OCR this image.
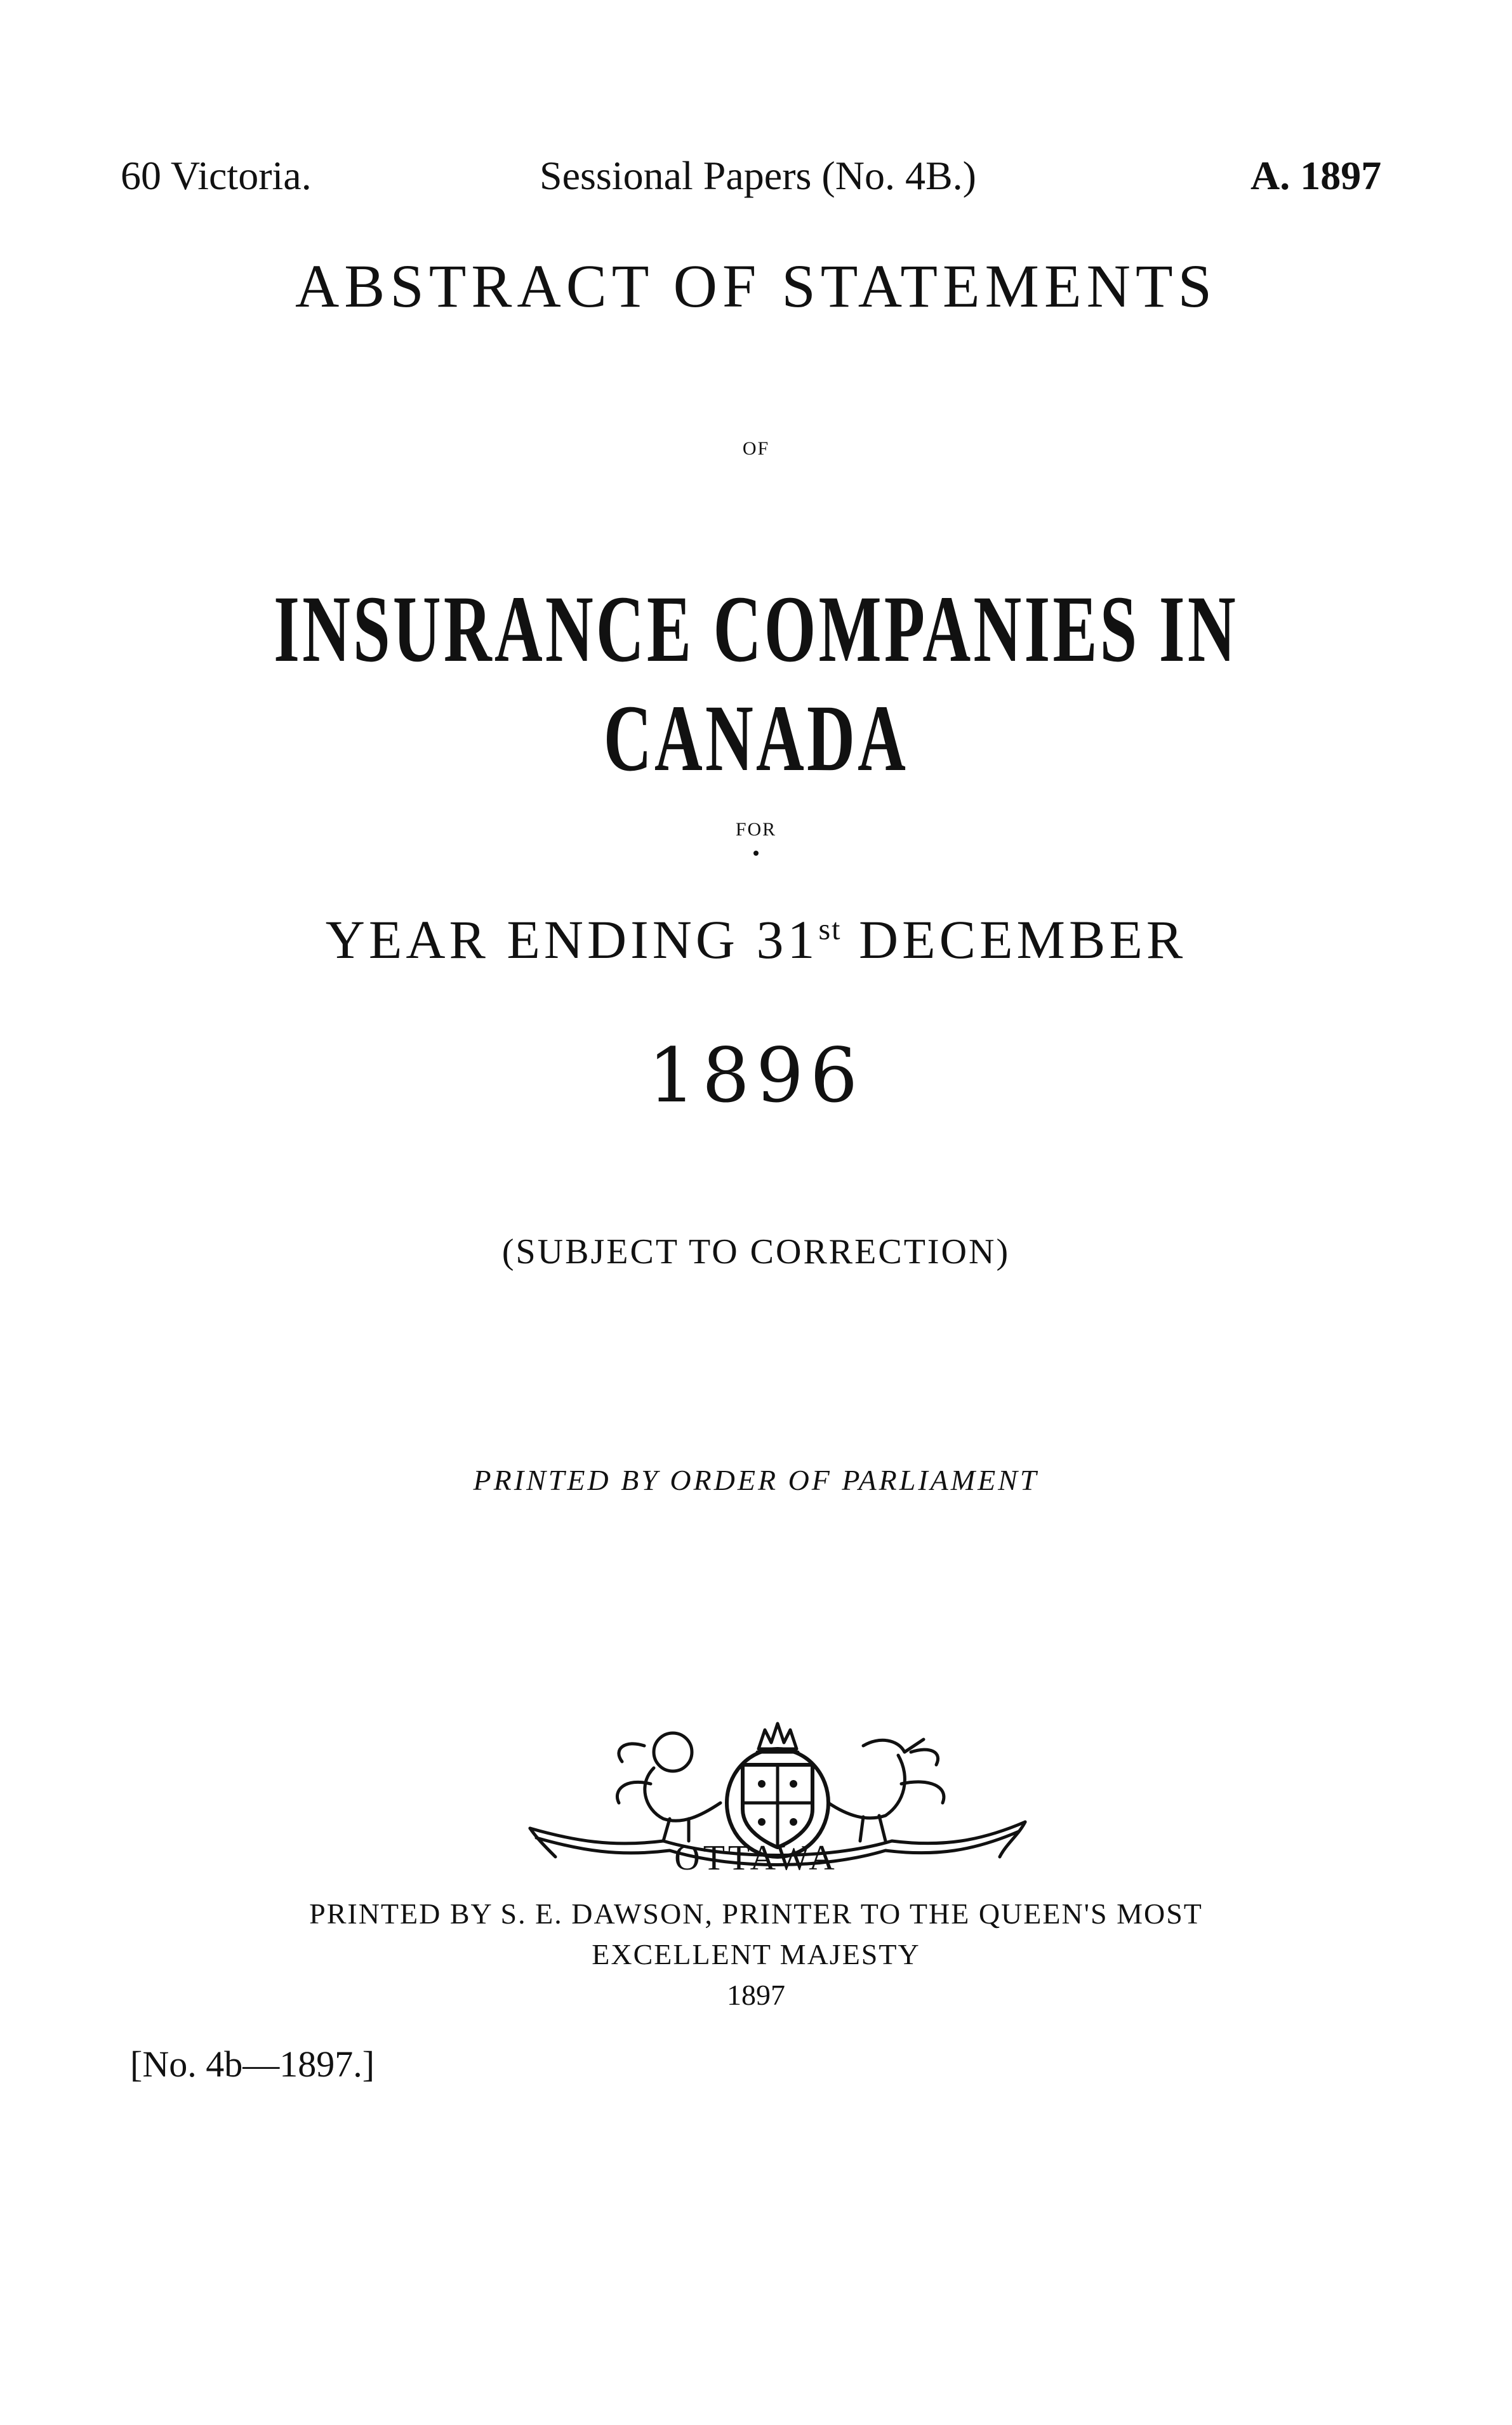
60 Victoria.	Sessional Papers (No. 4B.)	A. 1897
ABSTRACT OF STATEMENTS
OF
INSURANCE COMPANIES IN CANADA
FOR
YEAR ENDING 31st DECEMBER
1896
(SUBJECT TO CORRECTION)
PRINTED BY ORDER OF PARLIAMENT
OTTAWA
PRINTED BY S. E. DAWSON, PRINTER TO THE QUEEN'S MOST
EXCELLENT MAJESTY
1897
[No. 4b—1897.]
